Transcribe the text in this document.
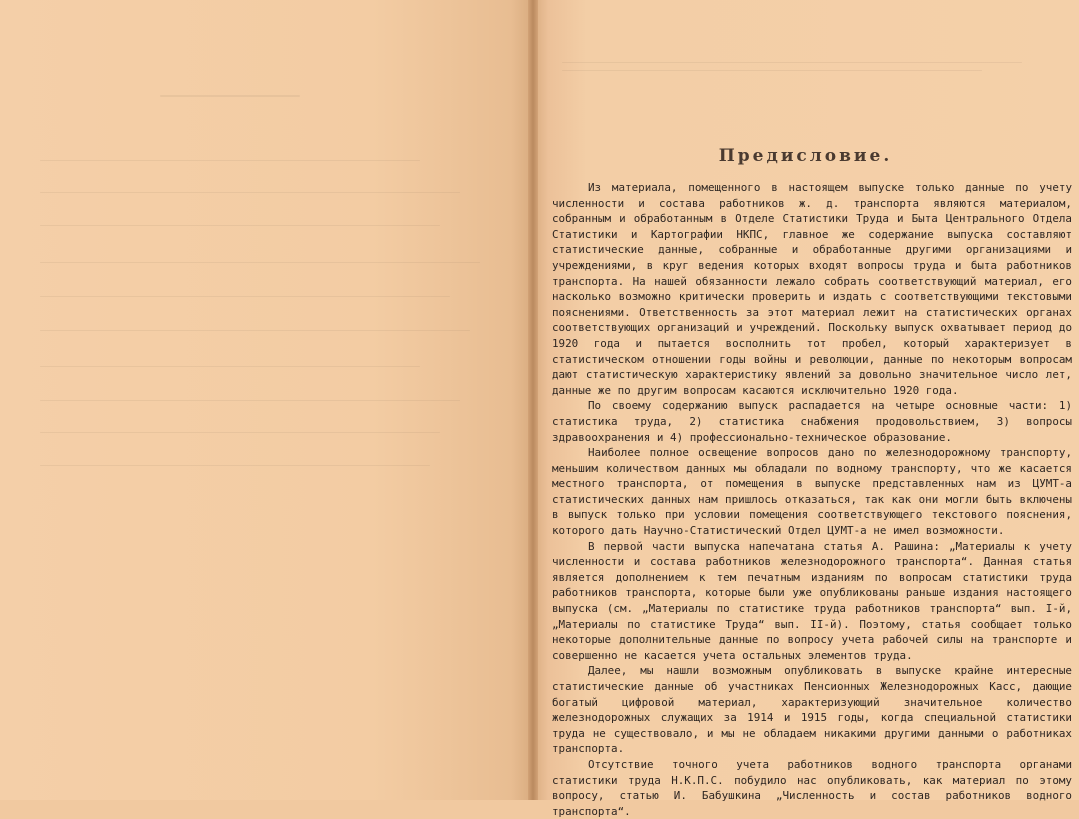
Предисловие.

Из материала, помещенного в настоящем выпуске только данные по учету численности и состава работников ж. д. транспорта являются материалом, собранным и обработанным в Отделе Статистики Труда и Быта Центрального Отдела Статистики и Картографии НКПС, главное же содержание выпуска составляют статистические данные, собранные и обработанные другими организациями и учреждениями, в круг ведения которых входят вопросы труда и быта работников транспорта. На нашей обязанности лежало собрать соответствующий материал, его насколько возможно критически проверить и издать с соответствующими текстовыми пояснениями. Ответственность за этот материал лежит на статистических органах соответствующих организаций и учреждений. Поскольку выпуск охватывает период до 1920 года и пытается восполнить тот пробел, который характеризует в статистическом отношении годы войны и революции, данные по некоторым вопросам дают статистическую характеристику явлений за довольно значительное число лет, данные же по другим вопросам касаются исключительно 1920 года.

По своему содержанию выпуск распадается на четыре основные части: 1) статистика труда, 2) статистика снабжения продовольствием, 3) вопросы здравоохранения и 4) профессионально-техническое образование.

Наиболее полное освещение вопросов дано по железнодорожному транспорту, меньшим количеством данных мы обладали по водному транспорту, что же касается местного транспорта, от помещения в выпуске представленных нам из ЦУМТ-а статистических данных нам пришлось отказаться, так как они могли быть включены в выпуск только при условии помещения соответствующего текстового пояснения, которого дать Научно-Статистический Отдел ЦУМТ-а не имел возможности.

В первой части выпуска напечатана статья А. Рашина: „Материалы к учету численности и состава работников железнодорожного транспорта“. Данная статья является дополнением к тем печатным изданиям по вопросам статистики труда работников транспорта, которые были уже опубликованы раньше издания настоящего выпуска (см. „Материалы по статистике труда работников транспорта“ вып. І-й, „Материалы по статистике Труда“ вып. ІІ-й). Поэтому, статья сообщает только некоторые дополнительные данные по вопросу учета рабочей силы на транспорте и совершенно не касается учета остальных элементов труда.

Далее, мы нашли возможным опубликовать в выпуске крайне интересные статистические данные об участниках Пенсионных Железнодорожных Касс, дающие богатый цифровой материал, характеризующий значительное количество железнодорожных служащих за 1914 и 1915 годы, когда специальной статистики труда не существовало, и мы не обладаем никакими другими данными о работниках транспорта.

Отсутствие точного учета работников водного транспорта органами статистики труда Н.К.П.С. побудило нас опубликовать, как материал по этому вопросу, статью И. Бабушкина „Численность и состав работников водного транспорта“.
